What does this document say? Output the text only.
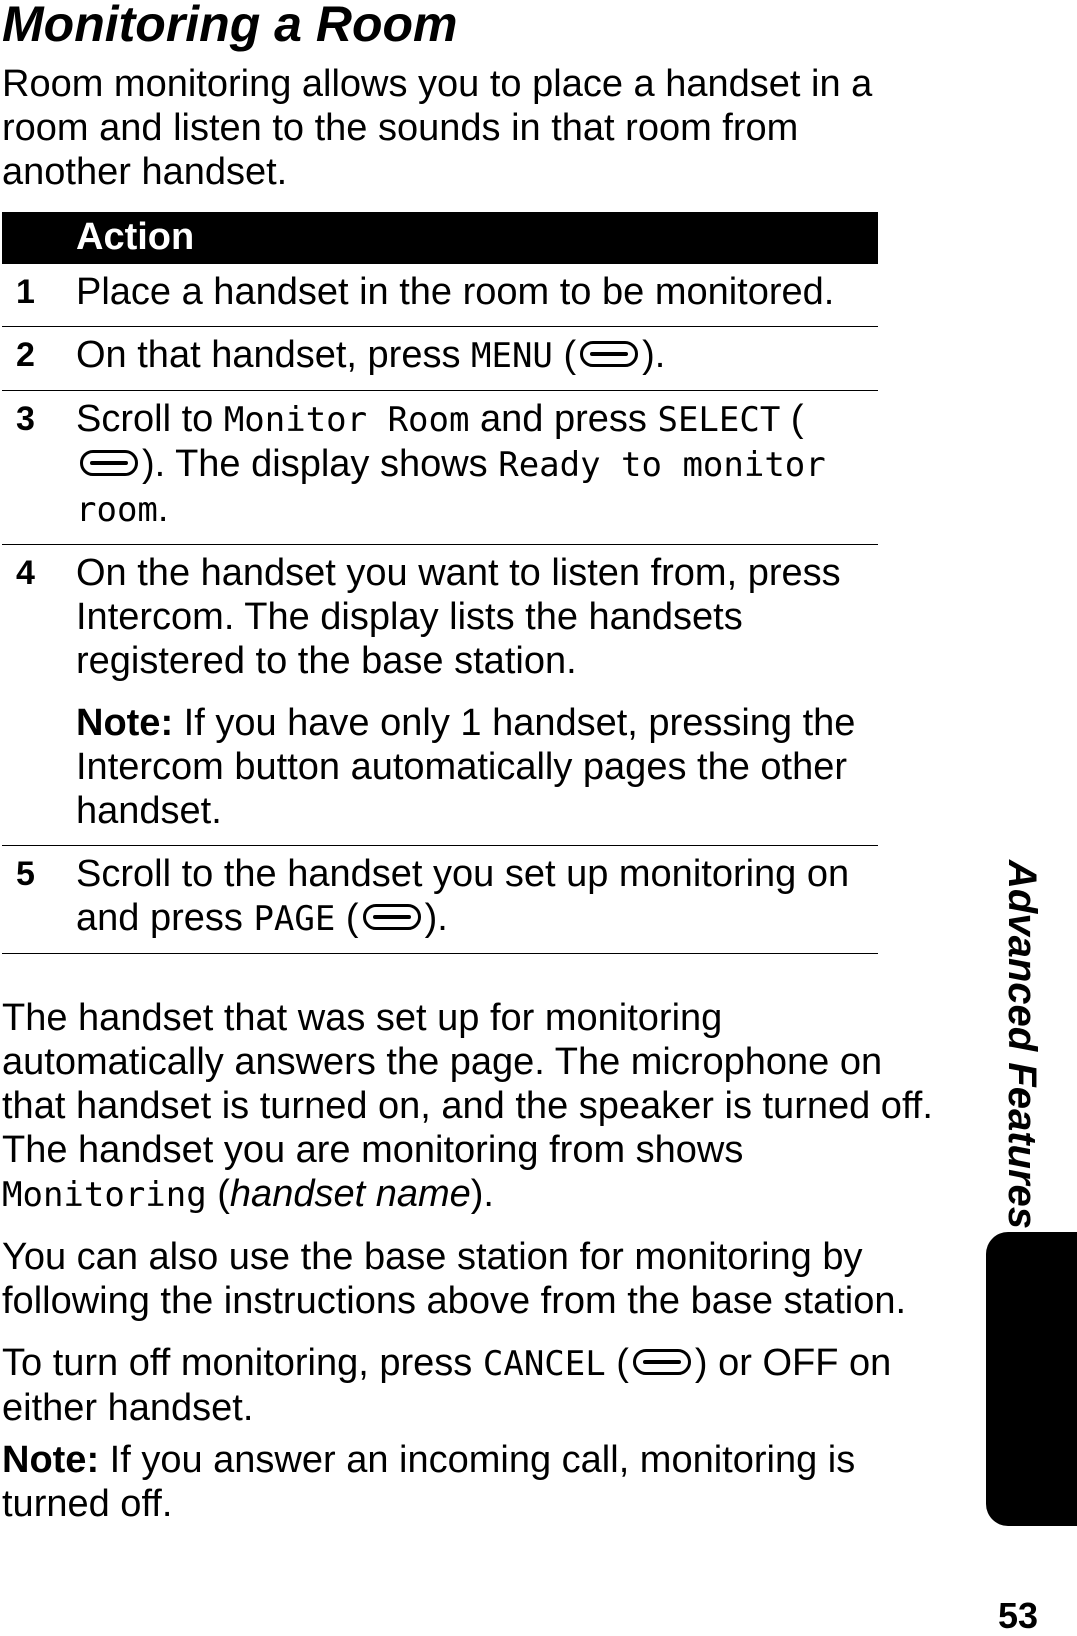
Monitoring a Room

Room monitoring allows you to place a handset in a room and listen to the sounds in that room from another handset.

Action	
1	Place a handset in the room to be monitored.
2	On that handset, press MENU ( ).
3	Scroll to Monitor Room and press SELECT (). The display shows Ready to monitor room.
4	On the handset you want to listen from, press Intercom. The display lists the handsets registered to the base station.
Note: If you have only 1 handset, pressing the Intercom button automatically pages the other handset.

5	Scroll to the handset you set up monitoring on and press PAGE ( ).

The handset that was set up for monitoring automatically answers the page. The microphone on that handset is turned on, and the speaker is turned off. The handset you are monitoring from shows Monitoring (handset name).

You can also use the base station for monitoring by following the instructions above from the base station.

To turn off monitoring, press CANCEL ( ) or OFF on either handset.

Note: If you answer an incoming call, monitoring is turned off.

Advanced Features
53
